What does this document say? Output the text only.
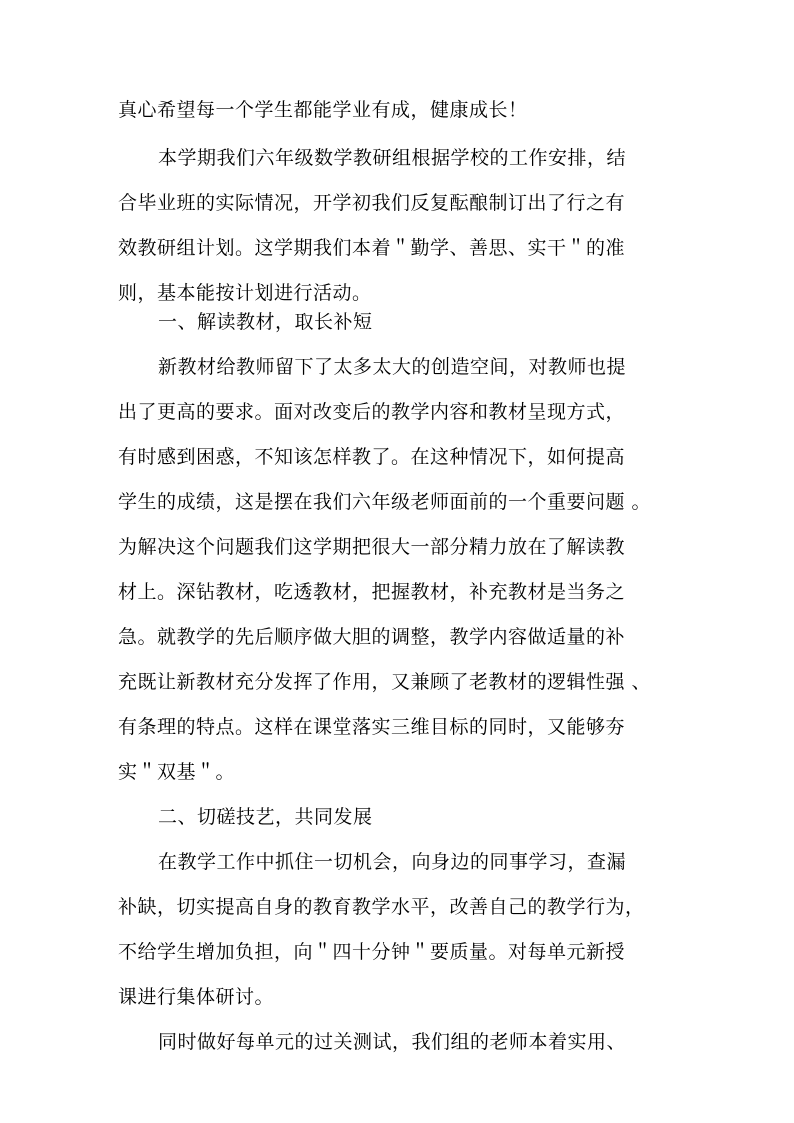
真心希望每一个学生都能学业有成，健康成长！

本学期我们六年级数学教研组根据学校的工作安排，结

合毕业班的实际情况，开学初我们反复酝酿制订出了行之有

效教研组计划。这学期我们本着＂勤学、善思、实干＂的准

则，基本能按计划进行活动。

一、解读教材，取长补短

新教材给教师留下了太多太大的创造空间，对教师也提

出了更高的要求。面对改变后的教学内容和教材呈现方式，

有时感到困惑，不知该怎样教了。在这种情况下，如何提高

学生的成绩，这是摆在我们六年级老师面前的一个重要问题 。

为解决这个问题我们这学期把很大一部分精力放在了解读教

材上。深钻教材，吃透教材，把握教材，补充教材是当务之

急。就教学的先后顺序做大胆的调整，教学内容做适量的补

充既让新教材充分发挥了作用，又兼顾了老教材的逻辑性强 、

有条理的特点。这样在课堂落实三维目标的同时，又能够夯

实＂双基＂。

二、切磋技艺，共同发展

在教学工作中抓住一切机会，向身边的同事学习，查漏

补缺，切实提高自身的教育教学水平，改善自己的教学行为，

不给学生增加负担，向＂四十分钟＂要质量。对每单元新授

课进行集体研讨。

同时做好每单元的过关测试，我们组的老师本着实用、
